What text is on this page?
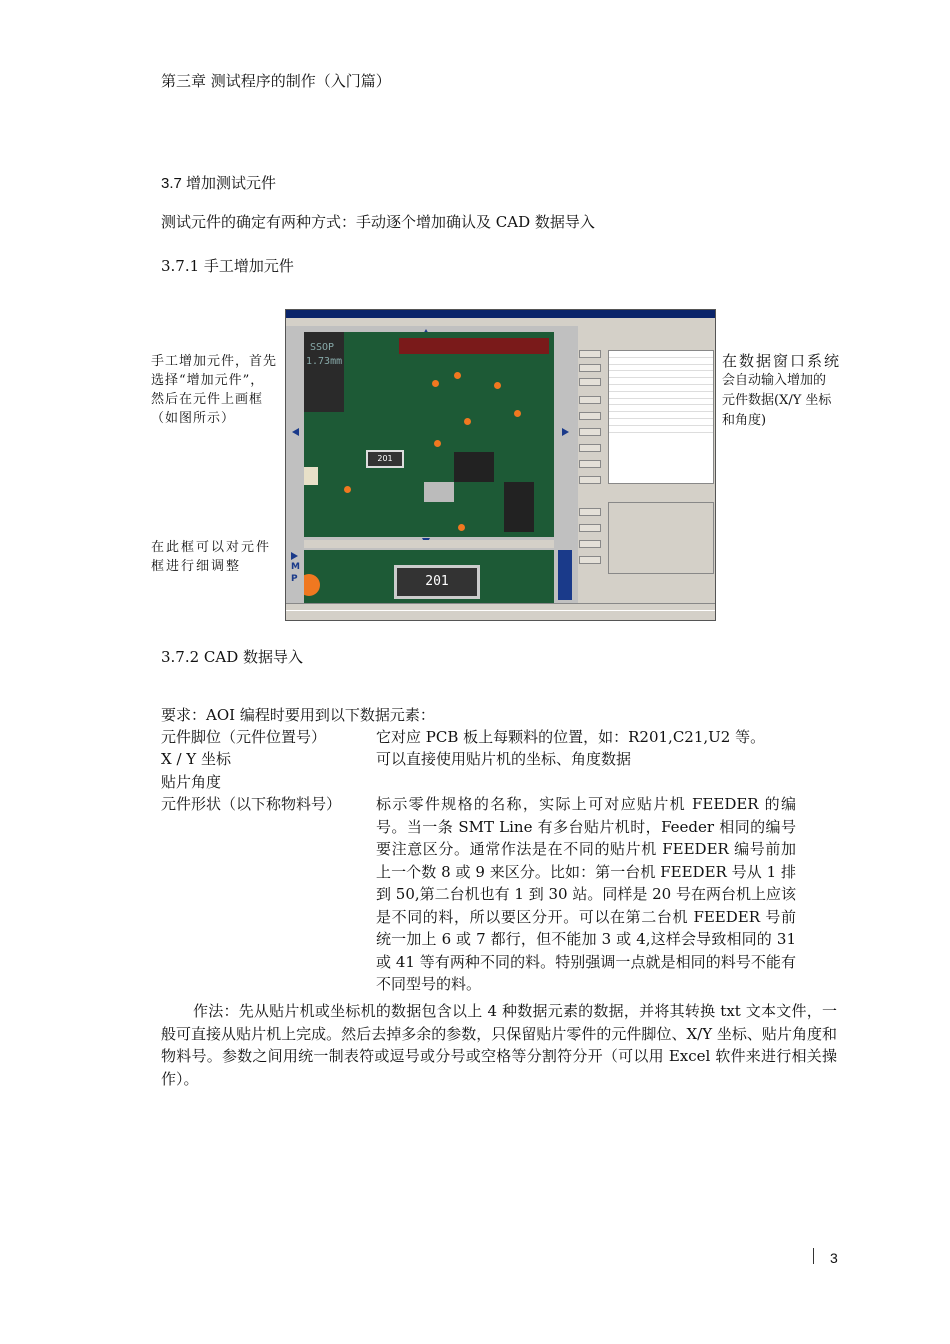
第三章 测试程序的制作（入门篇）
3.7 增加测试元件
测试元件的确定有两种方式：手动逐个增加确认及 CAD 数据导入
3.7.1 手工增加元件
手工增加元件，首先
选择“增加元件”，
然后在元件上画框
（如图所示）
在此框可以对元件
框进行细调整
在数据窗口系统
会自动输入增加的
元件数据(X/Y 坐标
和角度)
SSOP
1.73mm
201
201
M
P
3.7.2 CAD 数据导入
要求：AOI 编程时要用到以下数据元素：
元件脚位（元件位置号）	它对应 PCB 板上每颗料的位置，如：R201,C21,U2 等。
X / Y 坐标	可以直接使用贴片机的坐标、角度数据
贴片角度
元件形状（以下称物料号） 标示零件规格的名称，实际上可对应贴片机 FEEDER 的编号。当一条 SMT Line 有多台贴片机时，Feeder 相同的编号要注意区分。通常作法是在不同的贴片机 FEEDER 编号前加上一个数 8 或 9 来区分。比如：第一台机 FEEDER 号从 1 排到 50,第二台机也有 1 到 30 站。同样是 20 号在两台机上应该是不同的料，所以要区分开。可以在第二台机 FEEDER 号前统一加上 6 或 7 都行，但不能加 3 或 4,这样会导致相同的 31 或 41 等有两种不同的料。特别强调一点就是相同的料号不能有不同型号的料。
作法：先从贴片机或坐标机的数据包含以上 4 种数据元素的数据，并将其转换 txt 文本文件，一般可直接从贴片机上完成。然后去掉多余的参数，只保留贴片零件的元件脚位、X/Y 坐标、贴片角度和物料号。参数之间用统一制表符或逗号或分号或空格等分割符分开（可以用 Excel 软件来进行相关操作）。
3
